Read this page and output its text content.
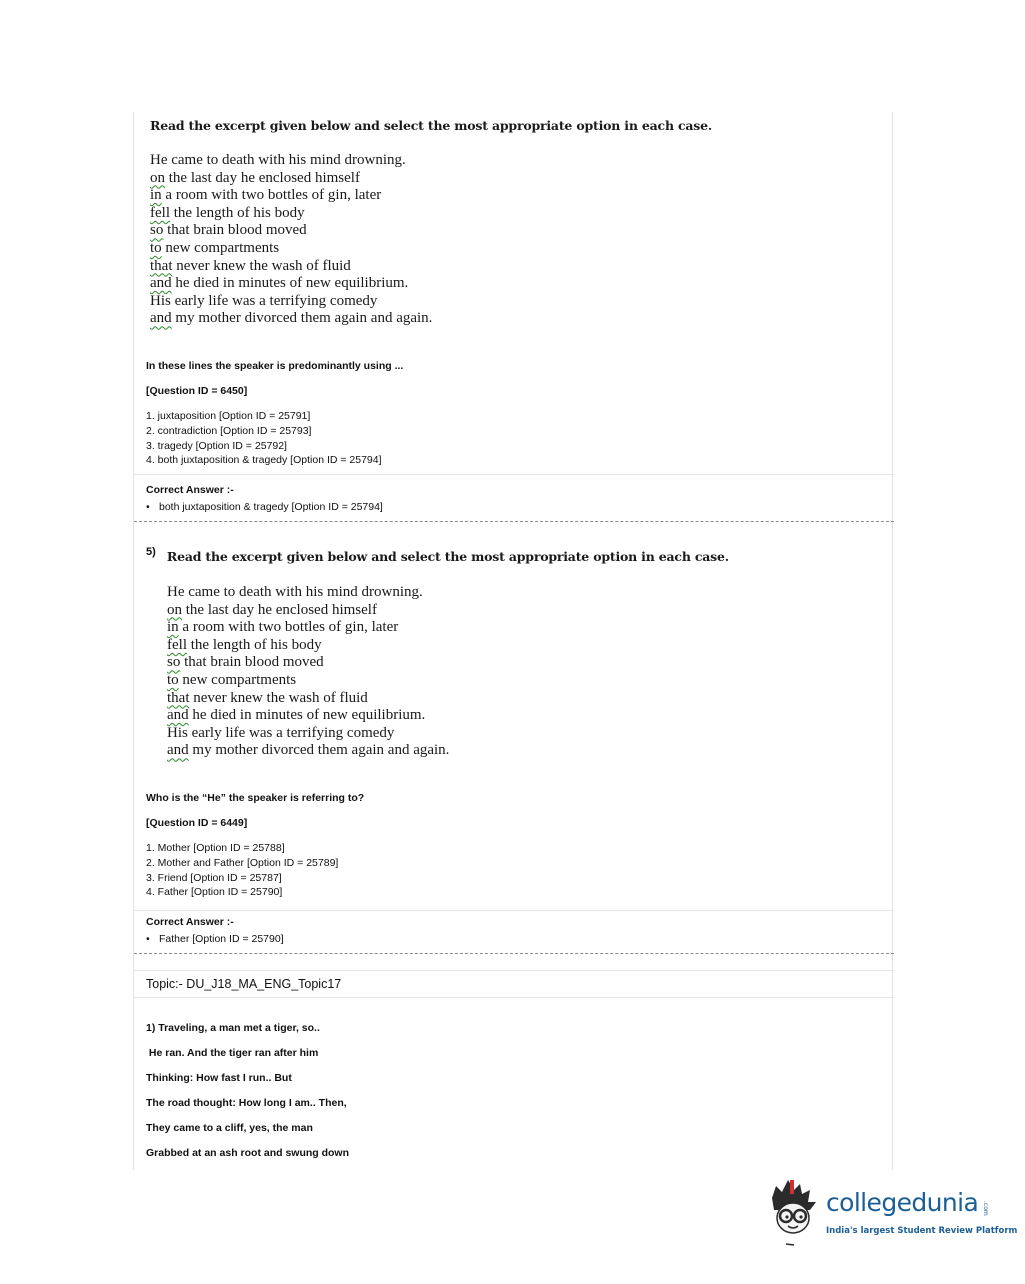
Read the excerpt given below and select the most appropriate option in each case.
He came to death with his mind drowning.
on the last day he enclosed himself
in a room with two bottles of gin, later
fell the length of his body
so that brain blood moved
to new compartments
that never knew the wash of fluid
and he died in minutes of new equilibrium.
His early life was a terrifying comedy
and my mother divorced them again and again.
In these lines the speaker is predominantly using ...
[Question ID = 6450]
1. juxtaposition [Option ID = 25791]
2. contradiction [Option ID = 25793]
3. tragedy [Option ID = 25792]
4. both juxtaposition & tragedy [Option ID = 25794]
Correct Answer :-
• both juxtaposition & tragedy [Option ID = 25794]
$^{5)}$ Read the excerpt given below and select the most appropriate option in each case.
He came to death with his mind drowning.
on the last day he enclosed himself
in a room with two bottles of gin, later
fell the length of his body
so that brain blood moved
to new compartments
that never knew the wash of fluid
and he died in minutes of new equilibrium.
His early life was a terrifying comedy
and my mother divorced them again and again.
Who is the “He” the speaker is referring to?
[Question ID = 6449]
1. Mother [Option ID = 25788]
2. Mother and Father [Option ID = 25789]
3. Friend [Option ID = 25787]
4. Father [Option ID = 25790]
Correct Answer :-
• Father [Option ID = 25790]
Topic:- DU_J18_MA_ENG_Topic17
1) Traveling, a man met a tiger, so..
He ran. And the tiger ran after him
Thinking: How fast I run.. But
The road thought: How long I am.. Then,
They came to a cliff, yes, the man
Grabbed at an ash root and swung down
collegedunia .com
India's largest Student Review Platform
